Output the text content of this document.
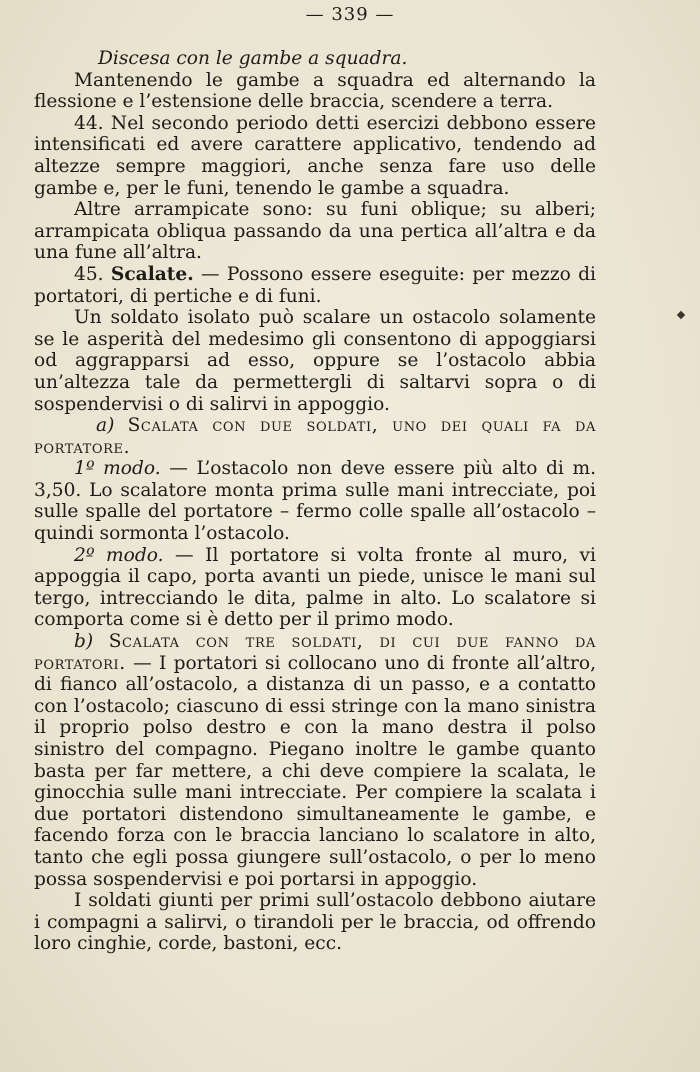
— 339 —

Discesa con le gambe a squadra.

Mantenendo le gambe a squadra ed alternando la flessione e l’estensione delle braccia, scendere a terra.

44. Nel secondo periodo detti esercizi debbono essere intensificati ed avere carattere applicativo, tendendo ad altezze sempre maggiori, anche senza fare uso delle gambe e, per le funi, tenendo le gambe a squadra.

Altre arrampicate sono: su funi oblique; su alberi; arrampicata obliqua passando da una pertica all’altra e da una fune all’altra.

45. Scalate. — Possono essere eseguite: per mezzo di portatori, di pertiche e di funi.

Un soldato isolato può scalare un ostacolo solamente se le asperità del medesimo gli consentono di appoggiarsi od aggrapparsi ad esso, oppure se l’ostacolo abbia un’altezza tale da permettergli di saltarvi sopra o di sospendervisi o di salirvi in appoggio.

a) Scalata con due soldati, uno dei quali fa da portatore.

1º modo. — L’ostacolo non deve essere più alto di m. 3,50. Lo scalatore monta prima sulle mani intrecciate, poi sulle spalle del portatore – fermo colle spalle all’ostacolo – quindi sormonta l’ostacolo.

2º modo. — Il portatore si volta fronte al muro, vi appoggia il capo, porta avanti un piede, unisce le mani sul tergo, intrecciando le dita, palme in alto. Lo scalatore si comporta come si è detto per il primo modo.

b) Scalata con tre soldati, di cui due fanno da portatori. — I portatori si collocano uno di fronte all’altro, di fianco all’ostacolo, a distanza di un passo, e a contatto con l’ostacolo; ciascuno di essi stringe con la mano sinistra il proprio polso destro e con la mano destra il polso sinistro del compagno. Piegano inoltre le gambe quanto basta per far mettere, a chi deve compiere la scalata, le ginocchia sulle mani intrecciate. Per compiere la scalata i due portatori distendono simultaneamente le gambe, e facendo forza con le braccia lanciano lo scalatore in alto, tanto che egli possa giungere sull’ostacolo, o per lo meno possa sospendervisi e poi portarsi in appoggio.

I soldati giunti per primi sull’ostacolo debbono aiutare i compagni a salirvi, o tirandoli per le braccia, od offrendo loro cinghie, corde, bastoni, ecc.
